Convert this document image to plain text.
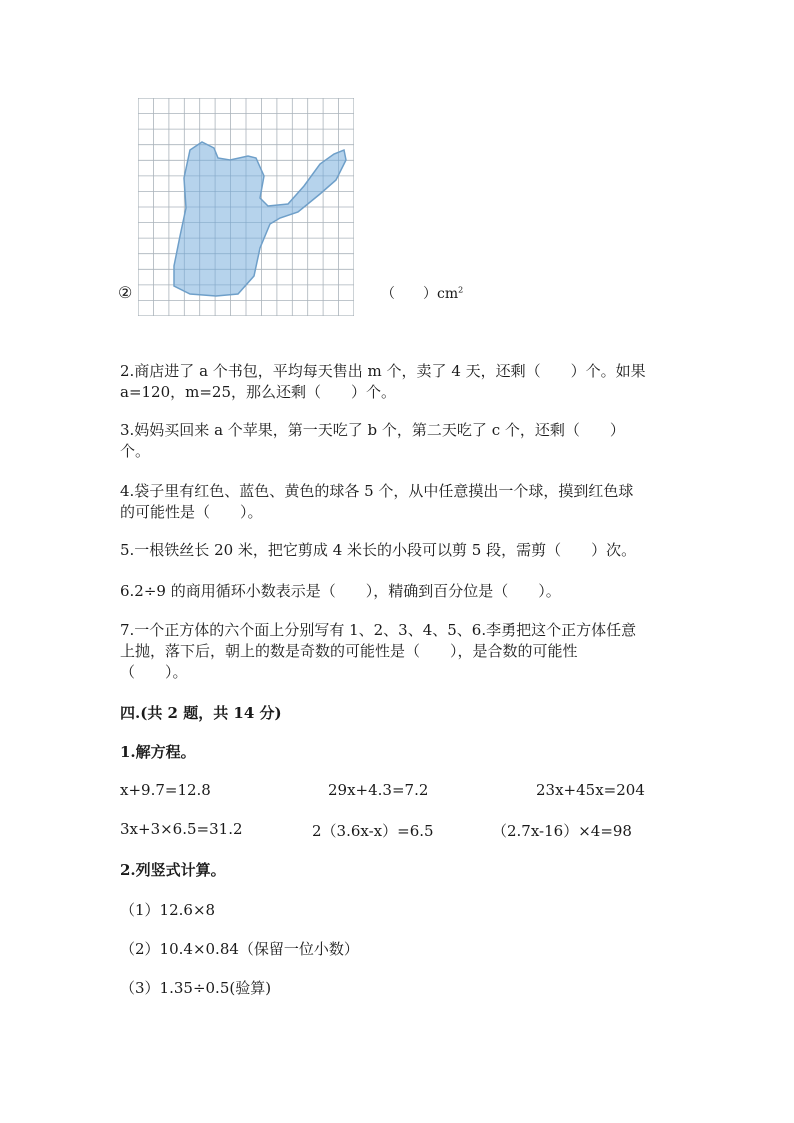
②	（　　）$cm^2$
2.商店进了 a 个书包，平均每天售出 m 个，卖了 4 天，还剩（　　）个。如果
a=120，m=25，那么还剩（　　）个。
3.妈妈买回来 a 个苹果，第一天吃了 b 个，第二天吃了 c 个，还剩（　　）
个。
4.袋子里有红色、蓝色、黄色的球各 5 个，从中任意摸出一个球，摸到红色球
的可能性是（　　）。
5.一根铁丝长 20 米，把它剪成 4 米长的小段可以剪 5 段，需剪（　　）次。
6.2÷9 的商用循环小数表示是（　　），精确到百分位是（　　）。
7.一个正方体的六个面上分别写有 1、2、3、4、5、6.李勇把这个正方体任意
上抛，落下后，朝上的数是奇数的可能性是（　　），是合数的可能性
（　　）。
四.(共 2 题，共 14 分)
1.解方程。
x+9.7=12.8	29x+4.3=7.2	23x+45x=204
3x+3×6.5=31.2	2（3.6x-x）=6.5	（2.7x-16）×4=98
2.列竖式计算。
（1）12.6×8
（2）10.4×0.84（保留一位小数）
（3）1.35÷0.5(验算)
